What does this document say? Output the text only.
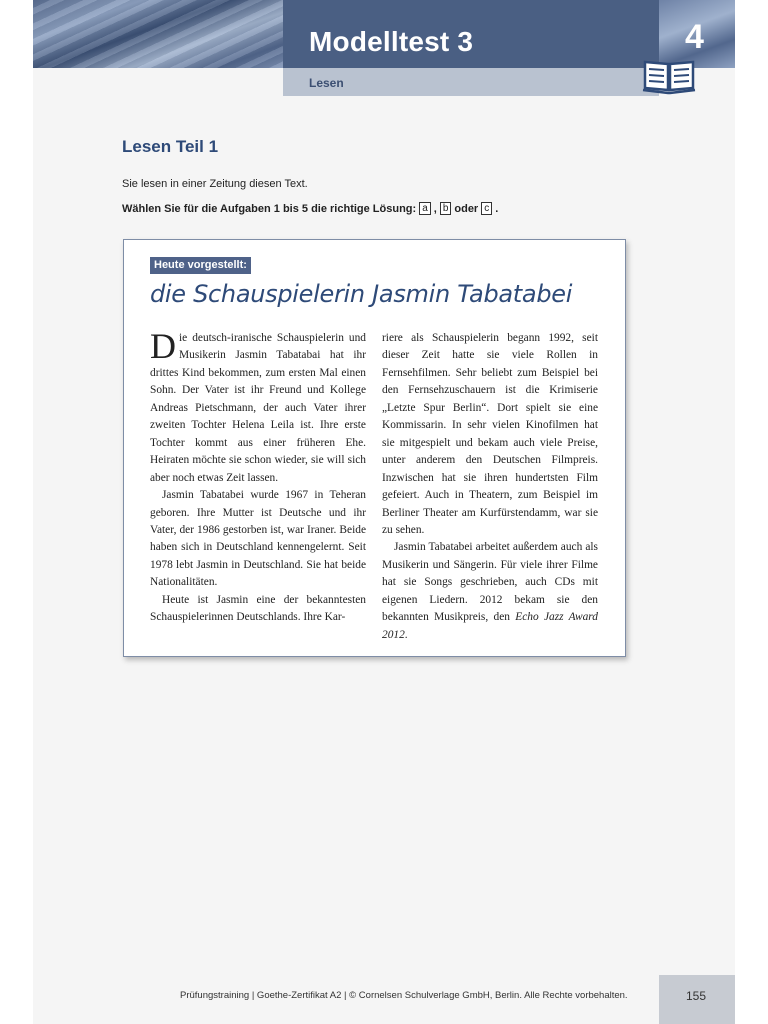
Modelltest 3	4
Lesen
Lesen Teil 1
Sie lesen in einer Zeitung diesen Text.
Wählen Sie für die Aufgaben 1 bis 5 die richtige Lösung: a , b oder c .
Heute vorgestellt:
die Schauspielerin Jasmin Tabatabei

Die deutsch-iranische Schauspielerin und Musikerin Jasmin Tabatabai hat ihr drittes Kind bekommen, zum ersten Mal einen Sohn. Der Vater ist ihr Freund und Kollege Andreas Pietschmann, der auch Vater ihrer zweiten Tochter Helena Leila ist. Ihre erste Tochter kommt aus einer früheren Ehe. Heiraten möchte sie schon wieder, sie will sich aber noch etwas Zeit lassen.

Jasmin Tabatabei wurde 1967 in Teheran geboren. Ihre Mutter ist Deutsche und ihr Vater, der 1986 gestorben ist, war Iraner. Beide haben sich in Deutschland kennengelernt. Seit 1978 lebt Jasmin in Deutschland. Sie hat beide Nationalitäten.

Heute ist Jasmin eine der bekanntesten Schauspielerinnen Deutschlands. Ihre Kar-

riere als Schauspielerin begann 1992, seit dieser Zeit hatte sie viele Rollen in Fernsehfilmen. Sehr beliebt zum Beispiel bei den Fernsehzuschauern ist die Krimiserie „Letzte Spur Berlin“. Dort spielt sie eine Kommissarin. In sehr vielen Kinofilmen hat sie mitgespielt und bekam auch viele Preise, unter anderem den Deutschen Filmpreis. Inzwischen hat sie ihren hundertsten Film gefeiert. Auch in Theatern, zum Beispiel im Berliner Theater am Kurfürstendamm, war sie zu sehen.

Jasmin Tabatabei arbeitet außerdem auch als Musikerin und Sängerin. Für viele ihrer Filme hat sie Songs geschrieben, auch CDs mit eigenen Liedern. 2012 bekam sie den bekannten Musikpreis, den Echo Jazz Award 2012.

Prüfungstraining | Goethe-Zertifikat A2 | © Cornelsen Schulverlage GmbH, Berlin. Alle Rechte vorbehalten.	155
